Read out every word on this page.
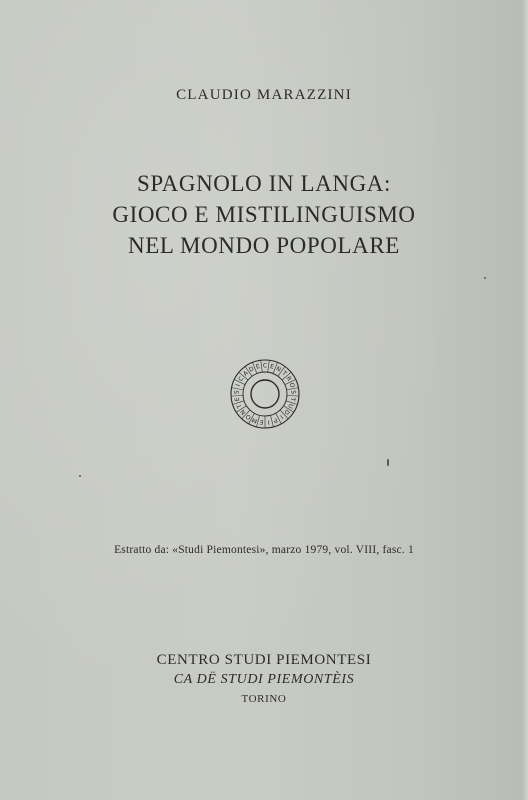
CLAUDIO MARAZZINI
SPAGNOLO IN LANGA:
GIOCO E MISTILINGUISMO
NEL MONDO POPOLARE
C E N
T
R
O
S
T
U
D
I
P
I
E
M
O
N
T
E
S
I
C
A
D E
Estratto da: «Studi Piemontesi», marzo 1979, vol. VIII, fasc. 1
CENTRO STUDI PIEMONTESI
CA DË STUDI PIEMONTÈIS
TORINO
